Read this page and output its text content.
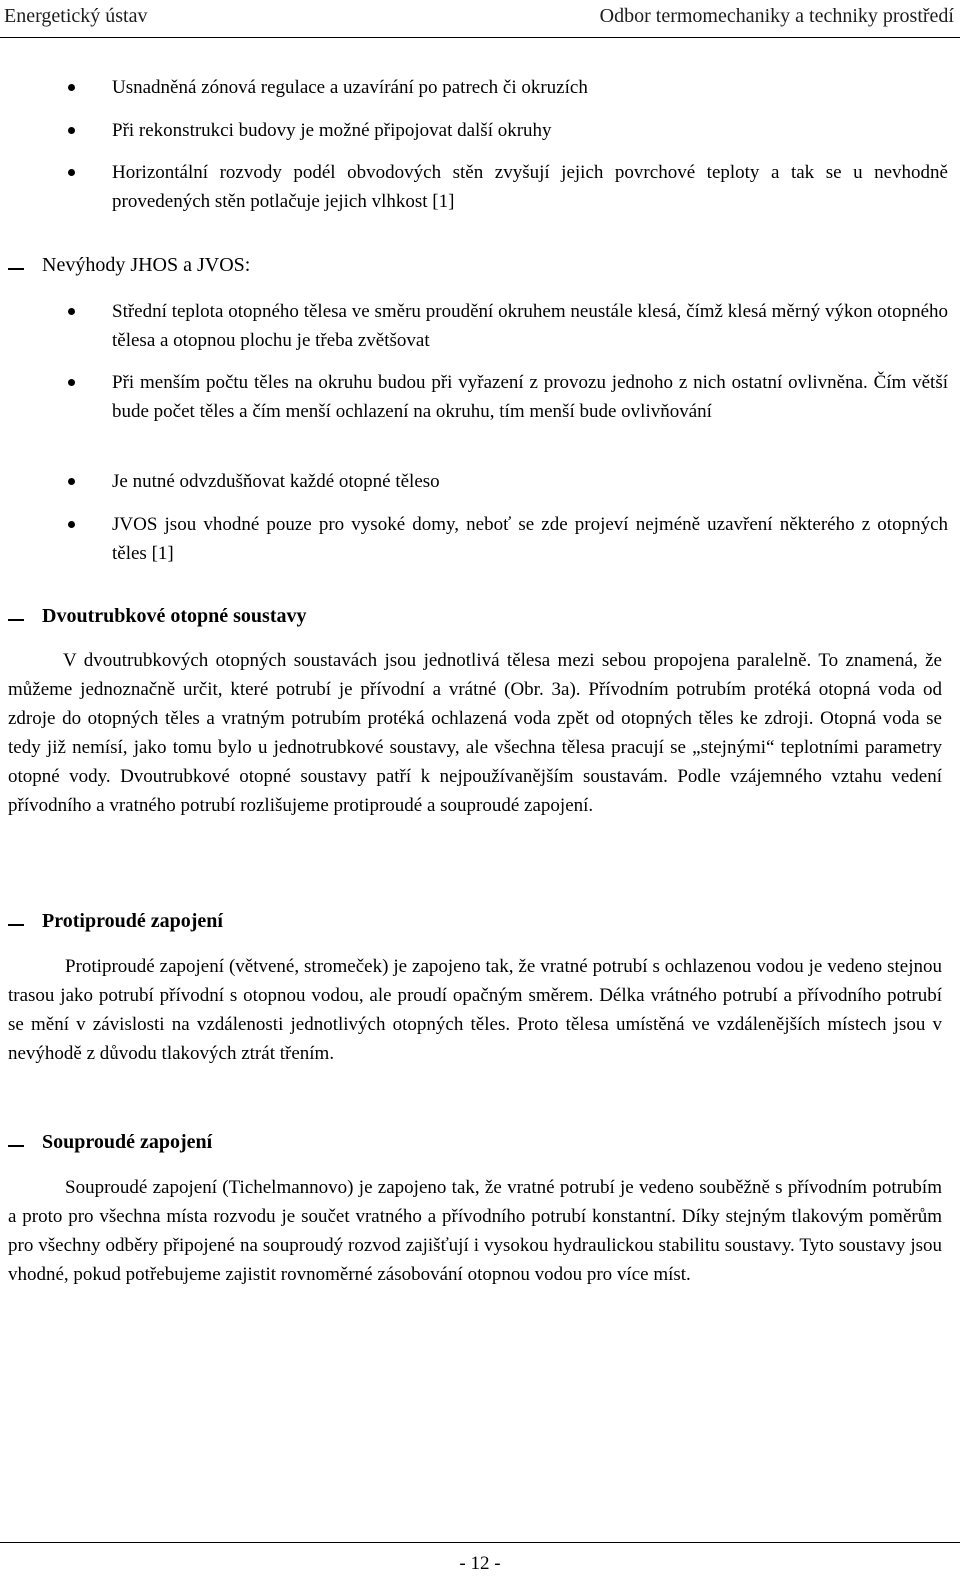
Energetický ústav	Odbor termomechaniky a techniky prostředí
Usnadněná zónová regulace a uzavírání po patrech či okruzích
Při rekonstrukci budovy je možné připojovat další okruhy
Horizontální rozvody podél obvodových stěn zvyšují jejich povrchové teploty a tak se u nevhodně provedených stěn potlačuje jejich vlhkost [1]
Nevýhody JHOS a JVOS:
Střední teplota otopného tělesa ve směru proudění okruhem neustále klesá, čímž klesá měrný výkon otopného tělesa a otopnou plochu je třeba zvětšovat
Při menším počtu těles na okruhu budou při vyřazení z provozu jednoho z nich ostatní ovlivněna. Čím větší bude počet těles a čím menší ochlazení na okruhu, tím menší bude ovlivňování
Je nutné odvzdušňovat každé otopné těleso
JVOS jsou vhodné pouze pro vysoké domy, neboť se zde projeví nejméně uzavření některého z otopných těles [1]
Dvoutrubkové otopné soustavy
V dvoutrubkových otopných soustavách jsou jednotlivá tělesa mezi sebou propojena paralelně. To znamená, že můžeme jednoznačně určit, které potrubí je přívodní a vrátné (Obr. 3a). Přívodním potrubím protéká otopná voda od zdroje do otopných těles a vratným potrubím protéká ochlazená voda zpět od otopných těles ke zdroji. Otopná voda se tedy již nemísí, jako tomu bylo u jednotrubkové soustavy, ale všechna tělesa pracují se „stejnými“ teplotními parametry otopné vody. Dvoutrubkové otopné soustavy patří k nejpoužívanějším soustavám. Podle vzájemného vztahu vedení přívodního a vratného potrubí rozlišujeme protiproudé a souproudé zapojení.
Protiproudé zapojení
Protiproudé zapojení (větvené, stromeček) je zapojeno tak, že vratné potrubí s ochlazenou vodou je vedeno stejnou trasou jako potrubí přívodní s otopnou vodou, ale proudí opačným směrem. Délka vrátného potrubí a přívodního potrubí se mění v závislosti na vzdálenosti jednotlivých otopných těles. Proto tělesa umístěná ve vzdálenějších místech jsou v nevýhodě z důvodu tlakových ztrát třením.
Souproudé zapojení
Souproudé zapojení (Tichelmannovo) je zapojeno tak, že vratné potrubí je vedeno souběžně s přívodním potrubím a proto pro všechna místa rozvodu je součet vratného a přívodního potrubí konstantní. Díky stejným tlakovým poměrům pro všechny odběry připojené na souproudý rozvod zajišťují i vysokou hydraulickou stabilitu soustavy. Tyto soustavy jsou vhodné, pokud potřebujeme zajistit rovnoměrné zásobování otopnou vodou pro více míst.
- 12 -
